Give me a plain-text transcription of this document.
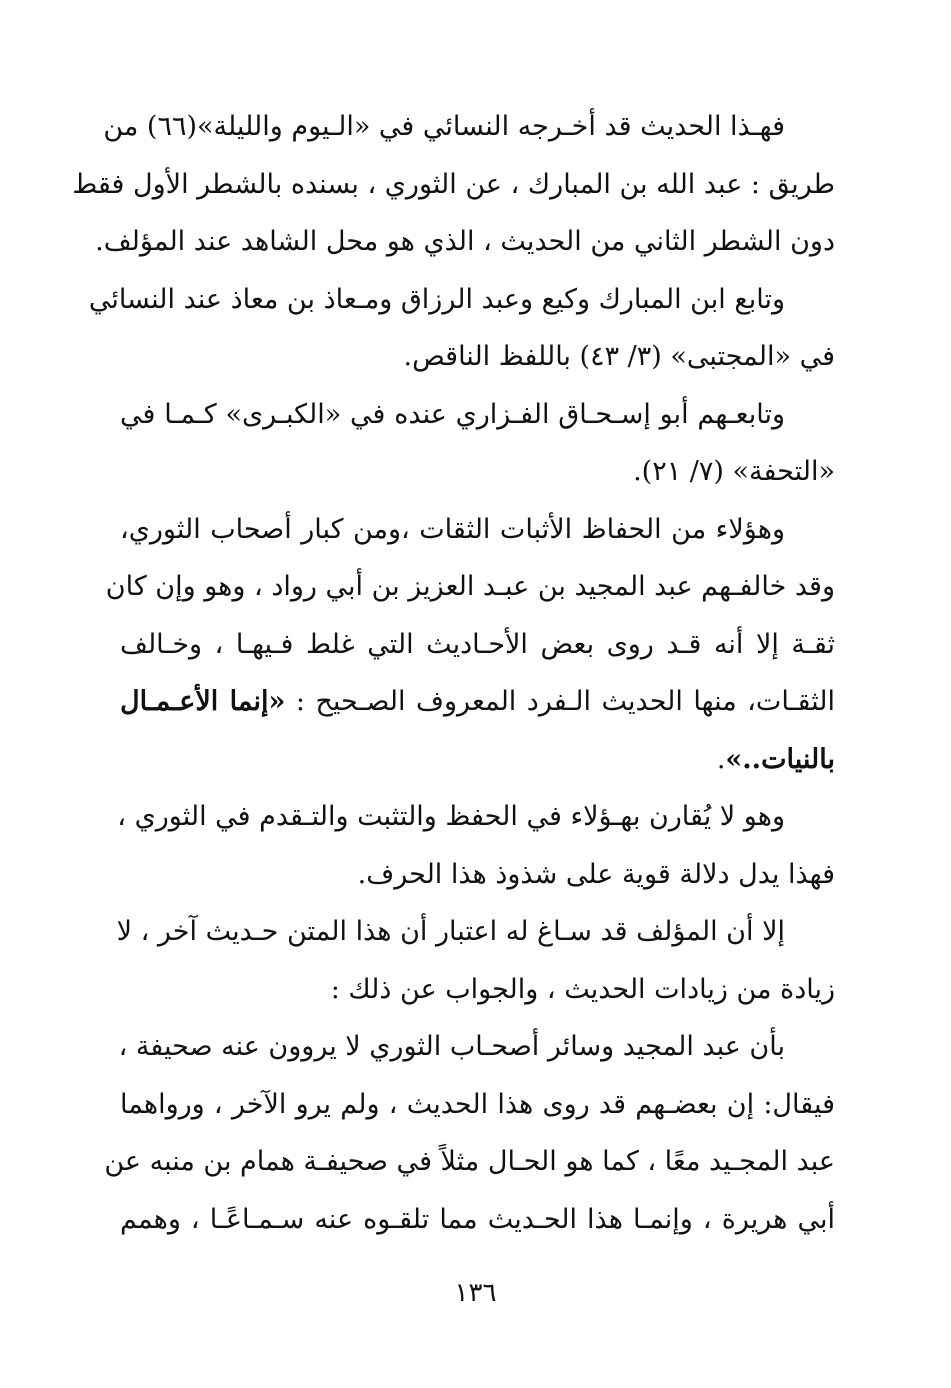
فهـذا الحديث قد أخـرجه النسائي في «الـيوم والليلة»(٦٦) من
طريق : عبد الله بن المبارك ، عن الثوري ، بسنده بالشطر الأول فقط
دون الشطر الثاني من الحديث ، الذي هو محل الشاهد عند المؤلف.
وتابع ابن المبارك وكيع وعبد الرزاق ومـعاذ بن معاذ عند النسائي
في «المجتبى» (٣/ ٤٣) باللفظ الناقص.
وتابعـهم أبو إسـحـاق الفـزاري عنده في «الكبـرى» كـمـا في
«التحفة» (٧/ ٢١).
وهؤلاء من الحفاظ الأثبات الثقات ،ومن كبار أصحاب الثوري،
وقد خالفـهم عبد المجيد بن عبـد العزيز بن أبي رواد ، وهو وإن كان
ثقـة إلا أنه قـد روى بعض الأحـاديث التي غلط فـيهـا ، وخـالف
الثقـات، منها الحديث الـفرد المعروف الصـحيح : «إنما الأعـمـال
بالنيات..».
وهو لا يُقارن بهـؤلاء في الحفظ والتثبت والتـقدم في الثوري ،
فهذا يدل دلالة قوية على شذوذ هذا الحرف.
إلا أن المؤلف قد سـاغ له اعتبار أن هذا المتن حـديث آخر ، لا
زيادة من زيادات الحديث ، والجواب عن ذلك :
بأن عبد المجيد وسائر أصحـاب الثوري لا يروون عنه صحيفة ،
فيقال: إن بعضـهم قد روى هذا الحديث ، ولم يرو الآخر ، ورواهما
عبد المجـيد معًا ، كما هو الحـال مثلاً في صحيفـة همام بن منبه عن
أبي هريرة ، وإنمـا هذا الحـديث مما تلقـوه عنه سـمـاعًـا ، وهمم
١٣٦
